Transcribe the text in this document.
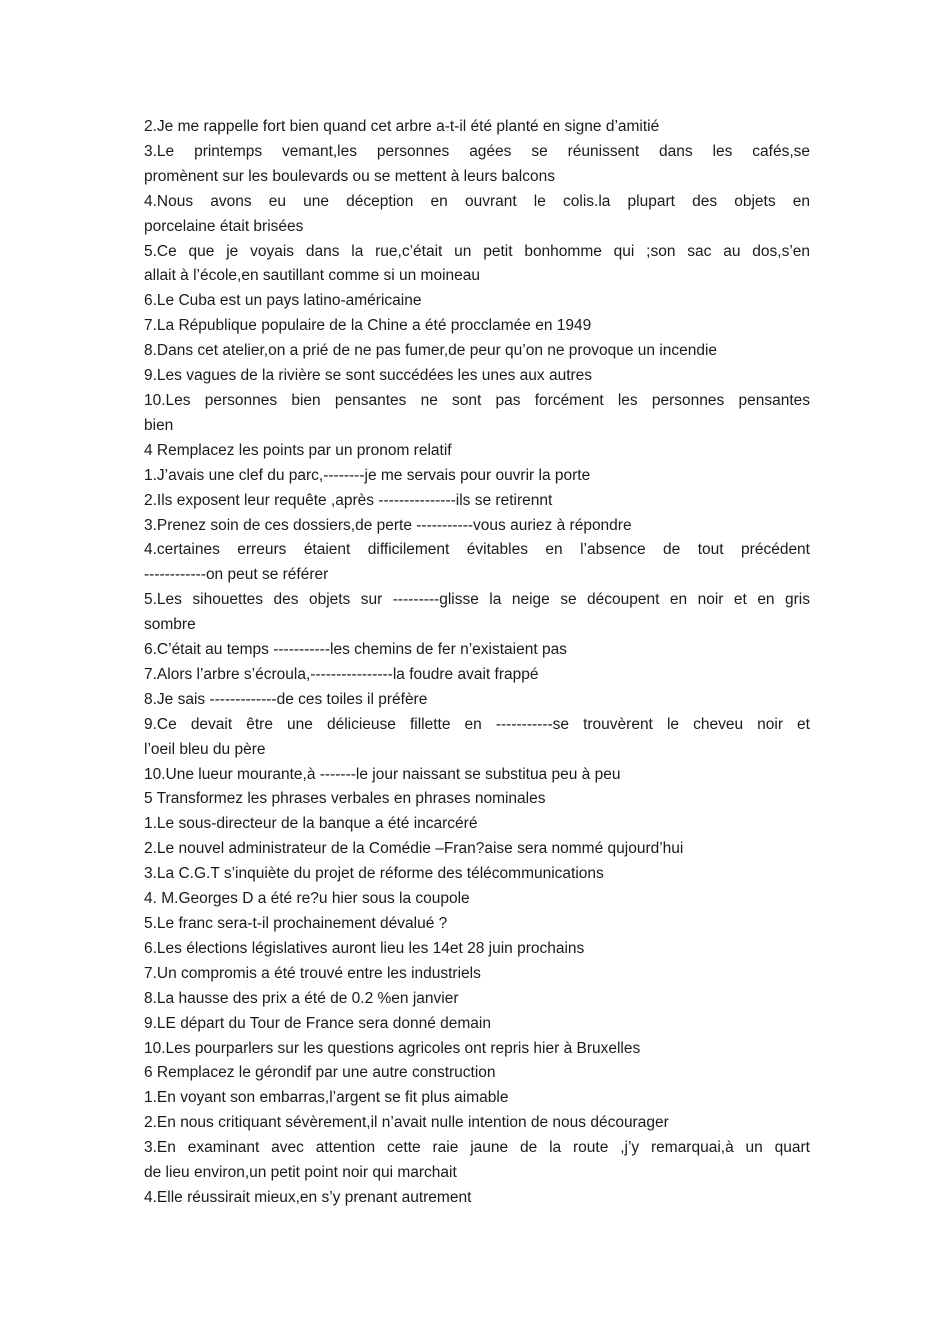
2.Je me rappelle fort bien quand cet arbre a-t-il été planté en signe d’amitié
3.Le printemps vemant,les personnes agées se réunissent dans les cafés,se
promènent sur les boulevards ou se mettent à leurs balcons
4.Nous avons eu une déception en ouvrant le colis.la plupart des objets en
porcelaine était brisées
5.Ce que je voyais dans la rue,c’était un petit bonhomme qui ;son sac au dos,s’en
allait à l’école,en sautillant comme si un moineau
6.Le Cuba est un pays latino-américaine
7.La République populaire de la Chine a été procclamée en 1949
8.Dans cet atelier,on a prié de ne pas fumer,de peur qu’on ne provoque un incendie
9.Les vagues de la rivière se sont succédées les unes aux autres
10.Les personnes bien pensantes ne sont pas forcément les personnes pensantes
bien
4 Remplacez les points par un pronom relatif
1.J’avais une clef du parc,--------je me servais pour ouvrir la porte
2.Ils exposent leur requête ,après ---------------ils se retirennt
3.Prenez soin de ces dossiers,de perte -----------vous auriez à répondre
4.certaines erreurs étaient difficilement évitables en l’absence de tout précédent
------------on peut se référer
5.Les sihouettes des objets sur ---------glisse la neige se découpent en noir et en gris
sombre
6.C’était au temps -----------les chemins de fer n’existaient pas
7.Alors l’arbre s’écroula,----------------la foudre avait frappé
8.Je sais -------------de ces toiles il préfère
9.Ce devait être une délicieuse fillette en -----------se trouvèrent le cheveu noir et
l’oeil bleu du père
10.Une lueur mourante,à -------le jour naissant se substitua peu à peu
5 Transformez les phrases verbales en phrases nominales
1.Le sous-directeur de la banque a été incarcéré
2.Le nouvel administrateur de la Comédie –Fran?aise sera nommé qujourd’hui
3.La C.G.T s’inquiète du projet de réforme des télécommunications
4. M.Georges D a été re?u hier sous la coupole
5.Le franc sera-t-il prochainement dévalué ?
6.Les élections législatives auront lieu les 14et 28 juin prochains
7.Un compromis a été trouvé entre les industriels
8.La hausse des prix a été de 0.2 %en janvier
9.LE départ du Tour de France sera donné demain
10.Les pourparlers sur les questions agricoles ont repris hier à Bruxelles
6 Remplacez le gérondif par une autre construction
1.En voyant son embarras,l’argent se fit plus aimable
2.En nous critiquant sévèrement,il n’avait nulle intention de nous décourager
3.En examinant avec attention cette raie jaune de la route ,j’y remarquai,à un quart
de lieu environ,un petit point noir qui marchait
4.Elle réussirait mieux,en s’y prenant autrement
